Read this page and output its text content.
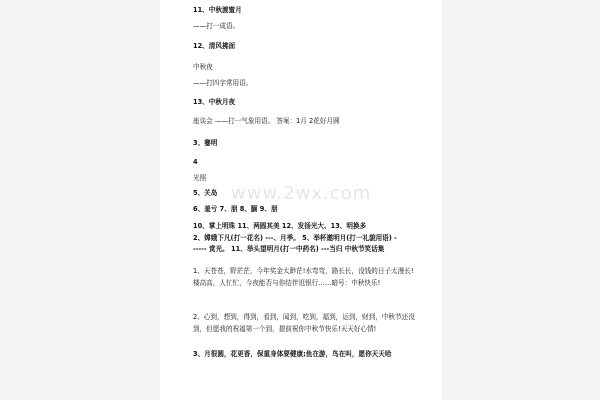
www.2wx.com
11、中秋渡蜜月
——打一成语。
12、清风拂面
中秋夜
——打四字常用语。
13、中秋月夜
座谈会 ——打一气象用语。 答案：1月 2花好月圆
3、蹇明
4
光照
5、关岛
6、羞亏 7、朋 8、腼 9、朋
10、掌上明珠 11、两圆其美 12、发扬光大、13、明换多
2、嫦娥下凡(打一花名) ---、月季。 5、举杯邀明月(打一礼貌用语) -
----- 赏光。 11、举头望明月(打一中药名) ---当归 中秋节笑话集
1、天苍苍，野茫茫，今年奖金太渺茫!水弯弯，路长长，没钱的日子太漫长!楼高高，人忙忙，今夜能否与你结伴逛银行……暗号：中秋快乐!
2、心到，想到，得到，看到，闻到，吃到，福到，运到，财到，中秋节还没到，但愿我的祝福第一个到，提前祝你中秋节快乐!天天好心情!
3、月很圆，花更香，保重身体要健康;鱼在游，鸟在叫，愿你天天哈
